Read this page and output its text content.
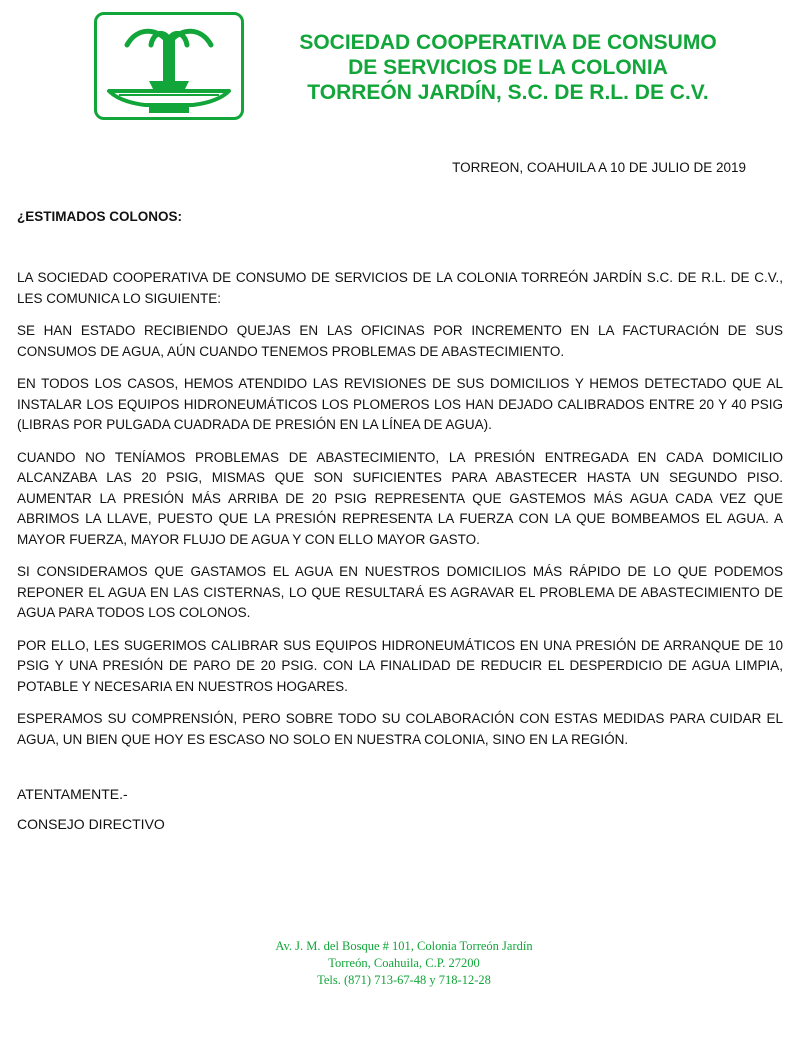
SOCIEDAD COOPERATIVA DE CONSUMO
DE SERVICIOS DE LA COLONIA
TORREÓN JARDÍN, S.C. DE R.L. DE C.V.
TORREON, COAHUILA A 10 DE JULIO DE 2019
¿ESTIMADOS COLONOS:

LA SOCIEDAD COOPERATIVA DE CONSUMO DE SERVICIOS DE LA COLONIA TORREÓN JARDÍN S.C. DE R.L. DE C.V., LES COMUNICA LO SIGUIENTE:

SE HAN ESTADO RECIBIENDO QUEJAS EN LAS OFICINAS POR INCREMENTO EN LA FACTURACIÓN DE SUS CONSUMOS DE AGUA, AÚN CUANDO TENEMOS PROBLEMAS DE ABASTECIMIENTO.

EN TODOS LOS CASOS, HEMOS ATENDIDO LAS REVISIONES DE SUS DOMICILIOS Y HEMOS DETECTADO QUE AL INSTALAR LOS EQUIPOS HIDRONEUMÁTICOS LOS PLOMEROS LOS HAN DEJADO CALIBRADOS ENTRE 20 Y 40 PSIG (LIBRAS POR PULGADA CUADRADA DE PRESIÓN EN LA LÍNEA DE AGUA).

CUANDO NO TENÍAMOS PROBLEMAS DE ABASTECIMIENTO, LA PRESIÓN ENTREGADA EN CADA DOMICILIO ALCANZABA LAS 20 PSIG, MISMAS QUE SON SUFICIENTES PARA ABASTECER HASTA UN SEGUNDO PISO. AUMENTAR LA PRESIÓN MÁS ARRIBA DE 20 PSIG REPRESENTA QUE GASTEMOS MÁS AGUA CADA VEZ QUE ABRIMOS LA LLAVE, PUESTO QUE LA PRESIÓN REPRESENTA LA FUERZA CON LA QUE BOMBEAMOS EL AGUA. A MAYOR FUERZA, MAYOR FLUJO DE AGUA Y CON ELLO MAYOR GASTO.

SI CONSIDERAMOS QUE GASTAMOS EL AGUA EN NUESTROS DOMICILIOS MÁS RÁPIDO DE LO QUE PODEMOS REPONER EL AGUA EN LAS CISTERNAS, LO QUE RESULTARÁ ES AGRAVAR EL PROBLEMA DE ABASTECIMIENTO DE AGUA PARA TODOS LOS COLONOS.

POR ELLO, LES SUGERIMOS CALIBRAR SUS EQUIPOS HIDRONEUMÁTICOS EN UNA PRESIÓN DE ARRANQUE DE 10 PSIG Y UNA PRESIÓN DE PARO DE 20 PSIG. CON LA FINALIDAD DE REDUCIR EL DESPERDICIO DE AGUA LIMPIA, POTABLE Y NECESARIA EN NUESTROS HOGARES.

ESPERAMOS SU COMPRENSIÓN, PERO SOBRE TODO SU COLABORACIÓN CON ESTAS MEDIDAS PARA CUIDAR EL AGUA, UN BIEN QUE HOY ES ESCASO NO SOLO EN NUESTRA COLONIA, SINO EN LA REGIÓN.

ATENTAMENTE.-
CONSEJO DIRECTIVO
Av. J. M. del Bosque # 101, Colonia Torreón Jardín
Torreón, Coahuila, C.P. 27200
Tels. (871) 713-67-48 y 718-12-28
